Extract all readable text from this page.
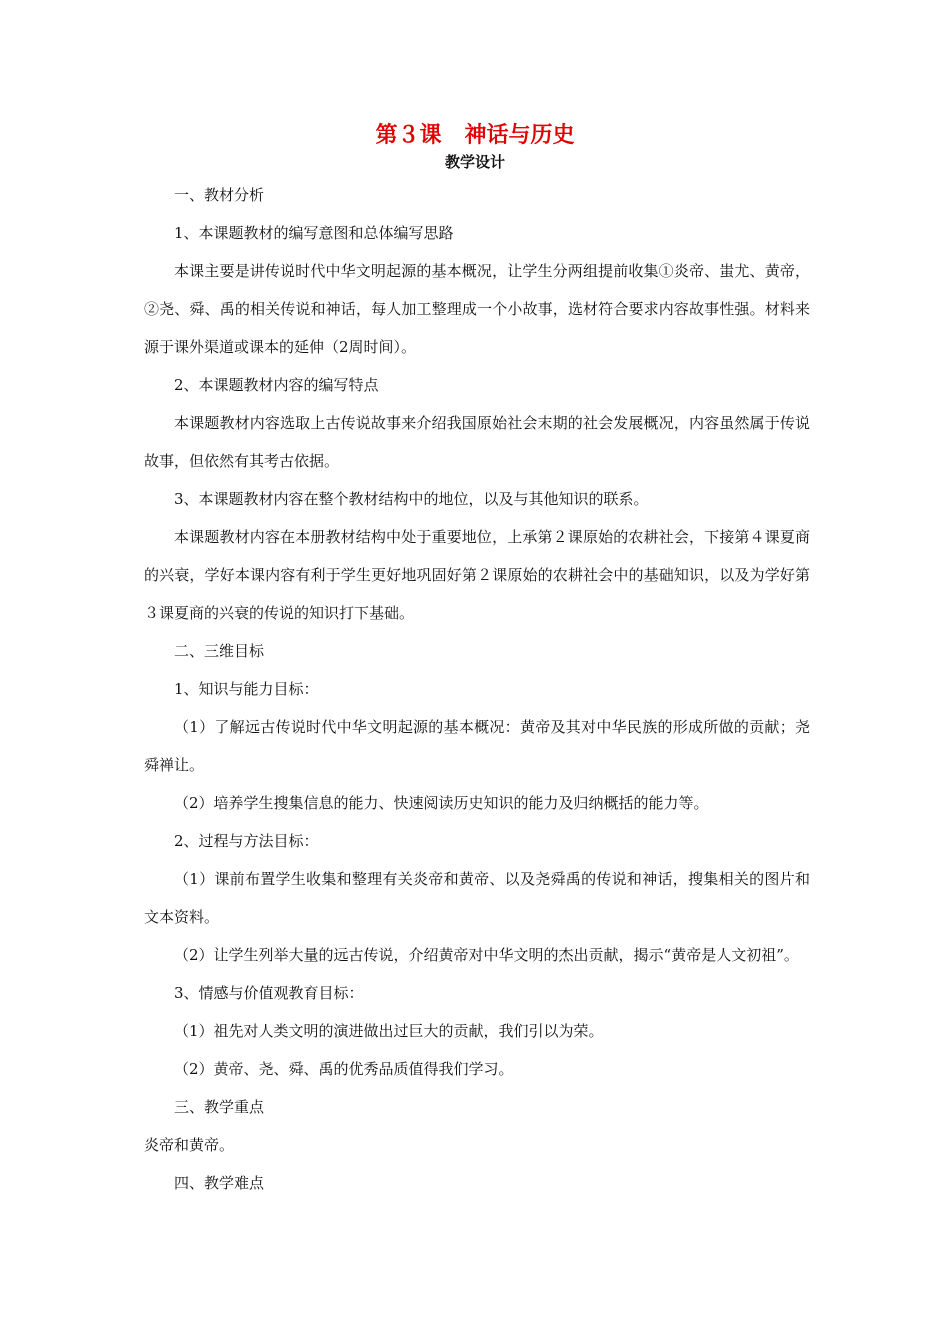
第３课   神话与历史
教学设计

一、教材分析

1、本课题教材的编写意图和总体编写思路

本课主要是讲传说时代中华文明起源的基本概况，让学生分两组提前收集①炎帝、蚩尤、黄帝，②尧、舜、禹的相关传说和神话，每人加工整理成一个小故事，选材符合要求内容故事性强。材料来源于课外渠道或课本的延伸（2周时间）。

2、本课题教材内容的编写特点

本课题教材内容选取上古传说故事来介绍我国原始社会末期的社会发展概况，内容虽然属于传说故事，但依然有其考古依据。

3、本课题教材内容在整个教材结构中的地位，以及与其他知识的联系。

本课题教材内容在本册教材结构中处于重要地位，上承第２课原始的农耕社会，下接第４课夏商的兴衰，学好本课内容有利于学生更好地巩固好第２课原始的农耕社会中的基础知识，以及为学好第３课夏商的兴衰的传说的知识打下基础。

二、三维目标

1、知识与能力目标：

（1）了解远古传说时代中华文明起源的基本概况：黄帝及其对中华民族的形成所做的贡献；尧舜禅让。

（2）培养学生搜集信息的能力、快速阅读历史知识的能力及归纳概括的能力等。

2、过程与方法目标：

（1）课前布置学生收集和整理有关炎帝和黄帝、以及尧舜禹的传说和神话，搜集相关的图片和文本资料。

（2）让学生列举大量的远古传说，介绍黄帝对中华文明的杰出贡献，揭示“黄帝是人文初祖”。

3、情感与价值观教育目标：

（1）祖先对人类文明的演进做出过巨大的贡献，我们引以为荣。

（2）黄帝、尧、舜、禹的优秀品质值得我们学习。

三、教学重点

炎帝和黄帝。

四、教学难点
